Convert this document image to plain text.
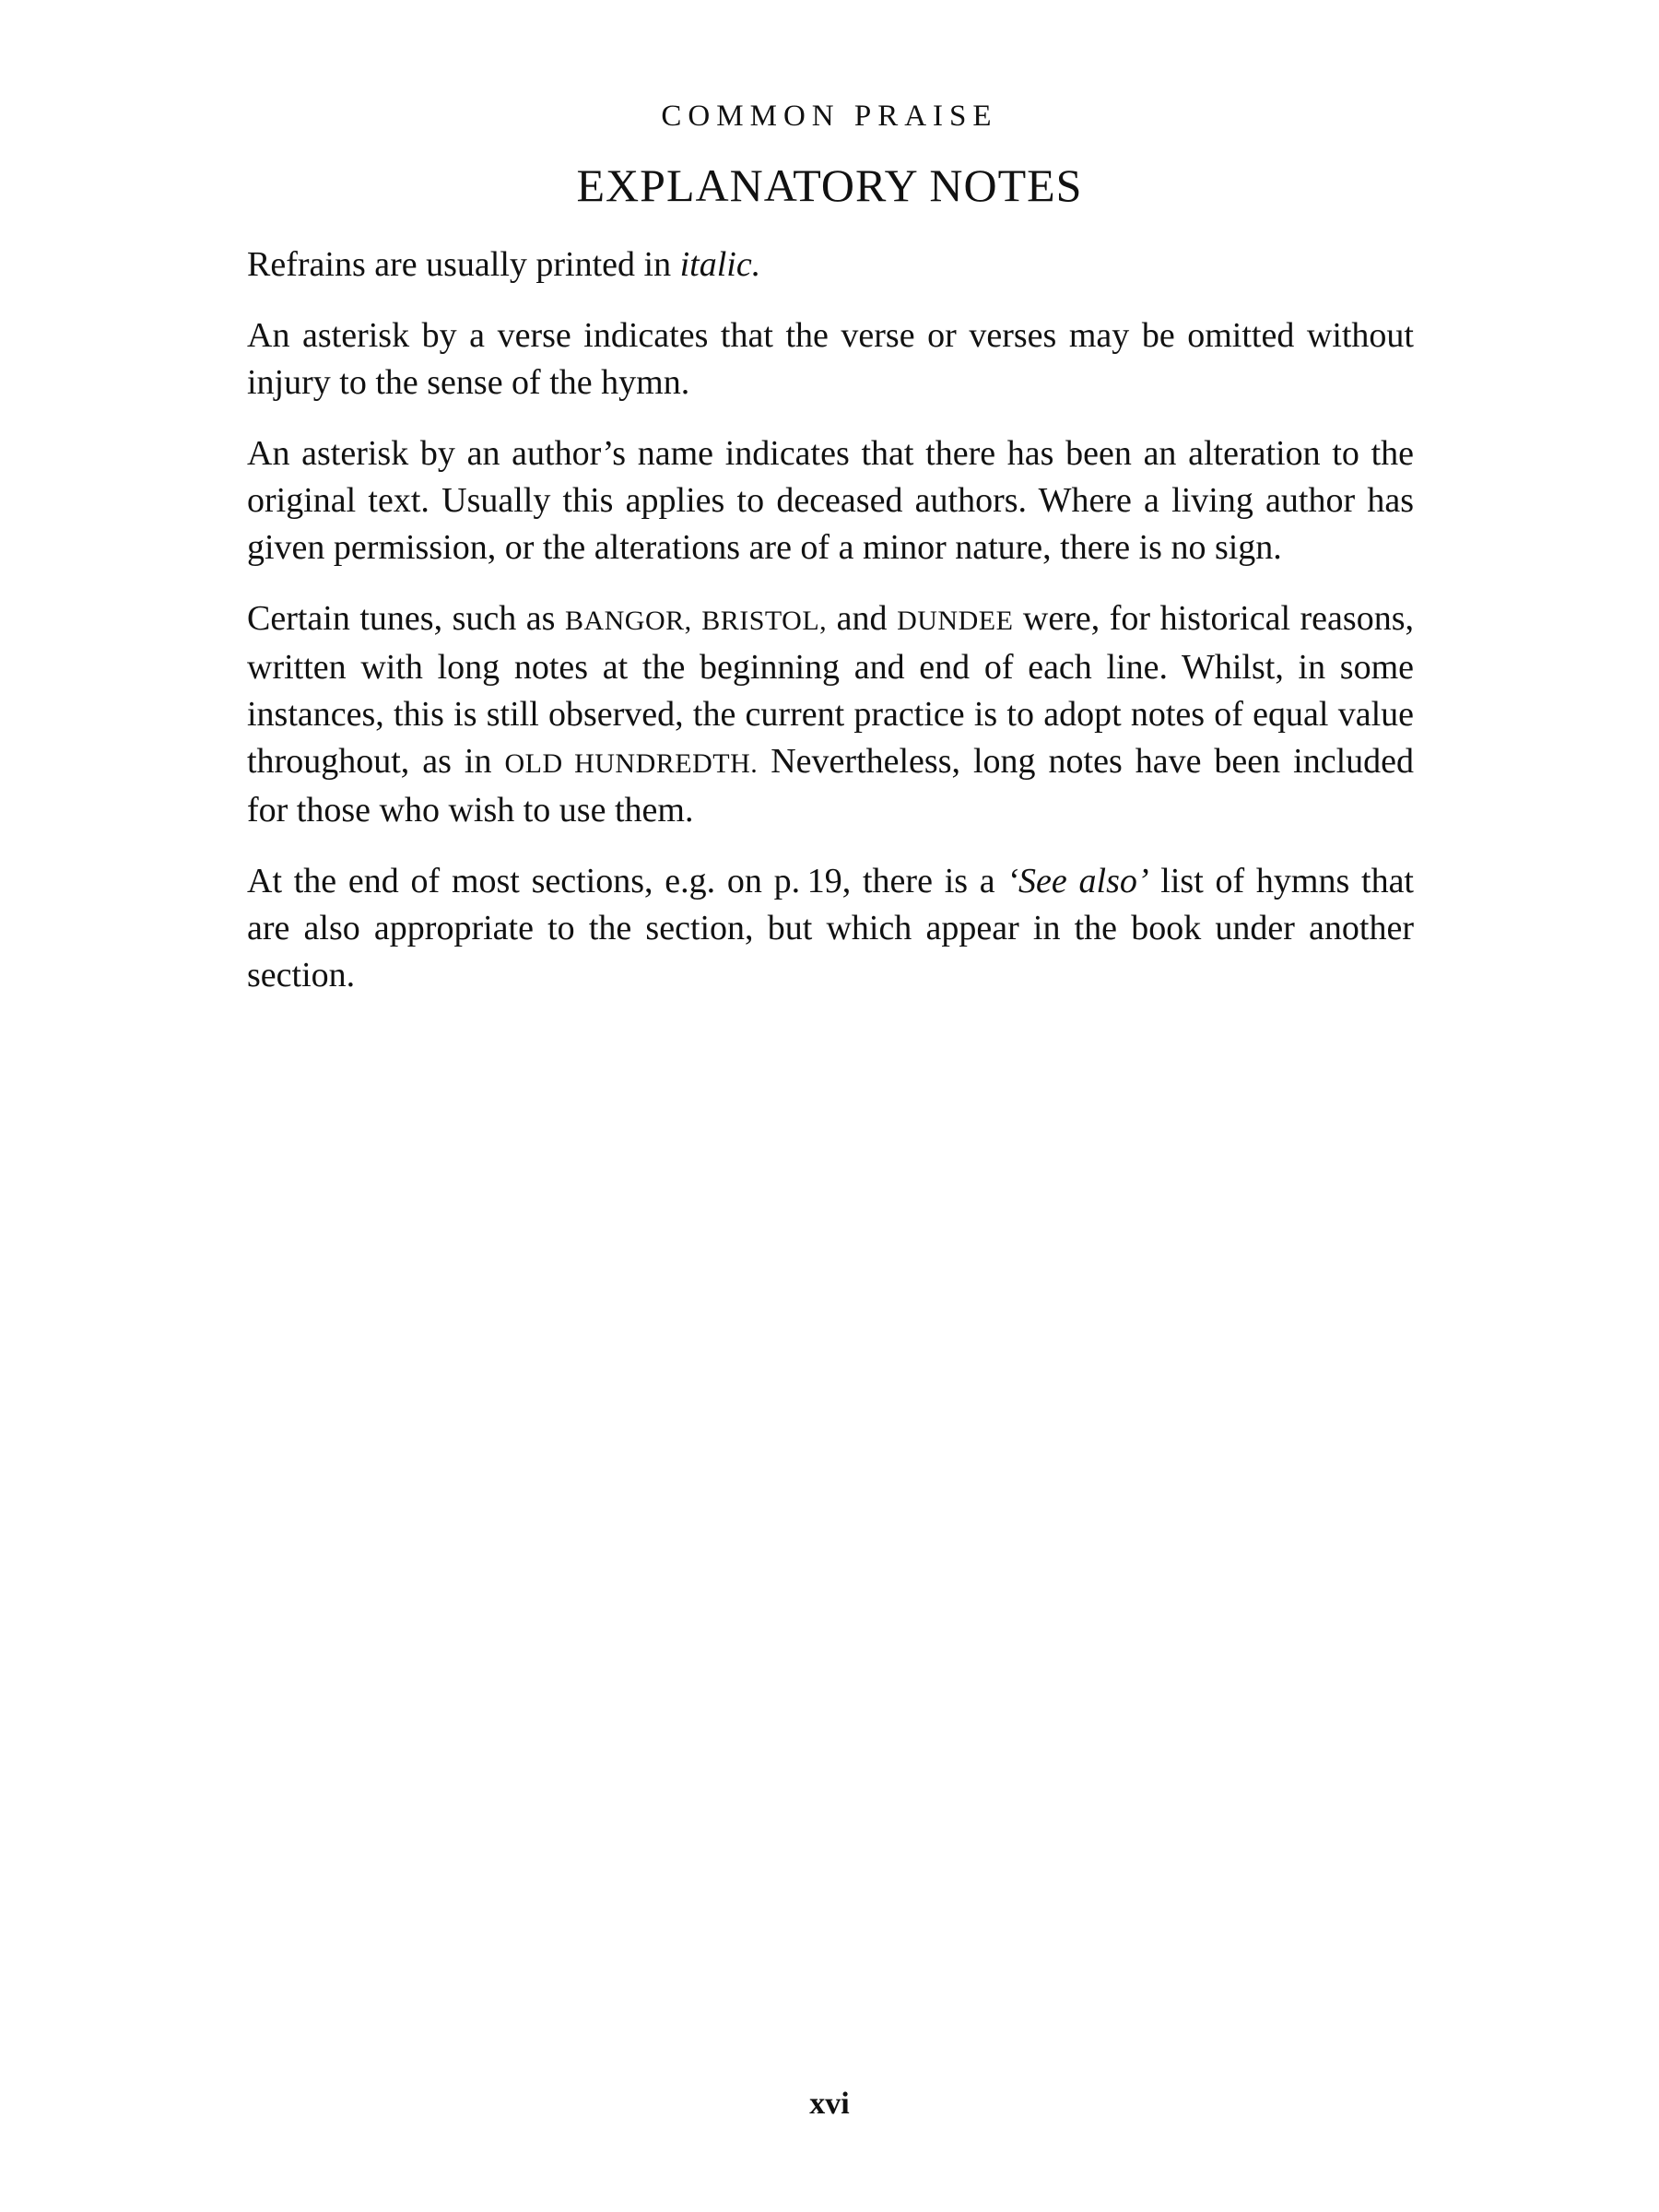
COMMON PRAISE
EXPLANATORY NOTES

Refrains are usually printed in italic.

An asterisk by a verse indicates that the verse or verses may be omitted without injury to the sense of the hymn.

An asterisk by an author’s name indicates that there has been an alteration to the original text. Usually this applies to deceased authors. Where a living author has given permission, or the alterations are of a minor nature, there is no sign.

Certain tunes, such as BANGOR, BRISTOL, and DUNDEE were, for historical reasons, written with long notes at the beginning and end of each line. Whilst, in some instances, this is still observed, the current practice is to adopt notes of equal value throughout, as in OLD HUNDREDTH. Nevertheless, long notes have been included for those who wish to use them.

At the end of most sections, e.g. on p. 19, there is a ‘See also’ list of hymns that are also appropriate to the section, but which appear in the book under another section.

xvi
